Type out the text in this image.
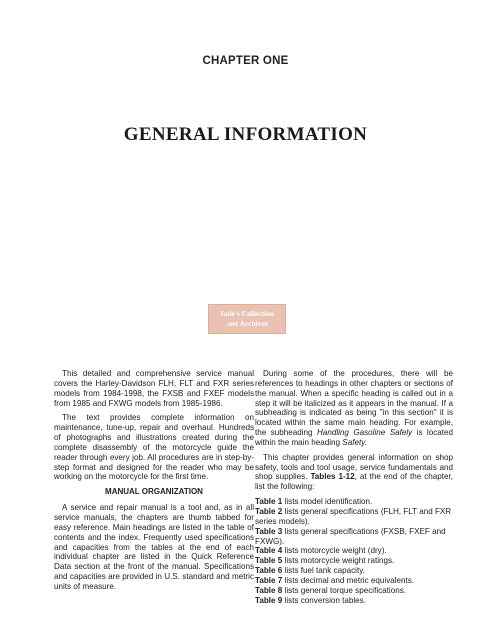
CHAPTER ONE
GENERAL INFORMATION
Jade's Collection
.net Archives

This detailed and comprehensive service manual covers the Harley-Davidson FLH, FLT and FXR series models from 1984-1998, the FXSB and FXEF models from 1985 and FXWG models from 1985-1986.

The text provides complete information on maintenance, tune-up, repair and overhaul. Hundreds of photographs and illustrations created during the complete disassembly of the motorcycle guide the reader through every job. All procedures are in step-by-step format and designed for the reader who may be working on the motorcycle for the first time.

MANUAL ORGANIZATION

A service and repair manual is a tool and, as in all service manuals, the chapters are thumb tabbed for easy reference. Main headings are listed in the table of contents and the index. Frequently used specifications and capacities from the tables at the end of each individual chapter are listed in the Quick Reference Data section at the front of the manual. Specifications and capacities are provided in U.S. standard and metric units of measure.

During some of the procedures, there will be references to headings in other chapters or sections of the manual. When a specific heading is called out in a step it will be italicized as it appears in the manual. If a subheading is indicated as being "in this section" it is located within the same main heading. For example, the subheading Handling Gasoline Safely is located within the main heading Safety.

This chapter provides general information on shop safety, tools and tool usage, service fundamentals and shop supplies. Tables 1-12, at the end of the chapter, list the following:

Table 1 lists model identification.
Table 2 lists general specifications (FLH, FLT and FXR series models).
Table 3 lists general specifications (FXSB, FXEF and FXWG).
Table 4 lists motorcycle weight (dry).
Table 5 lists motorcycle weight ratings.
Table 6 lists fuel tank capacity.
Table 7 lists decimal and metric equivalents.
Table 8 lists general torque specifications.
Table 9 lists conversion tables.
